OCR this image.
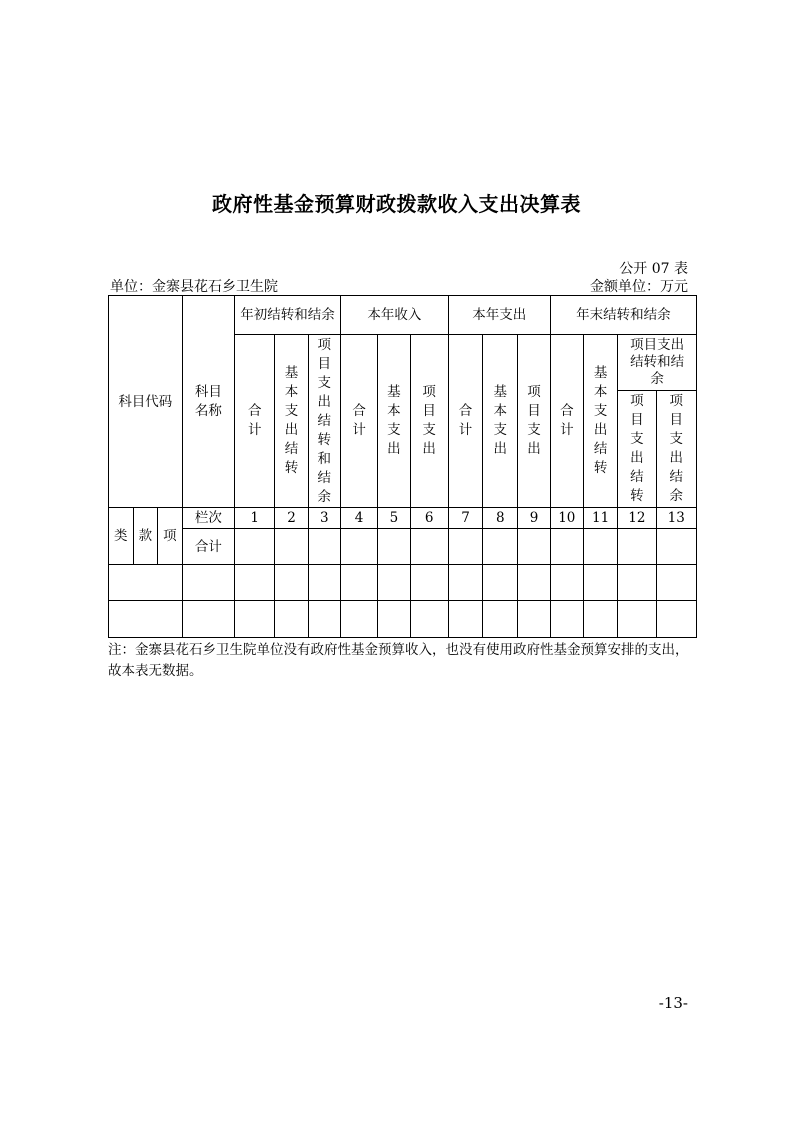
政府性基金预算财政拨款收入支出决算表
公开 07 表
单位：金寨县花石乡卫生院	金额单位：万元
科目代码	科目名称	年初结转和结余			本年收入			本年支出			年末结转和结余			
		合计	基本支出结转	项目支出结转和结余	合计	基本支出	项目支出	合计	基本支出	项目支出	合计	基本支出结转	项目支出结转和结余	
													项目支出结转	项目支出结余

类 款 项	栏次	1	2	3	4	5	6	7	8	9	10	11	12	13
	合计													

注：金寨县花石乡卫生院单位没有政府性基金预算收入，也没有使用政府性基金预算安排的支出，故本表无数据。
-13-
